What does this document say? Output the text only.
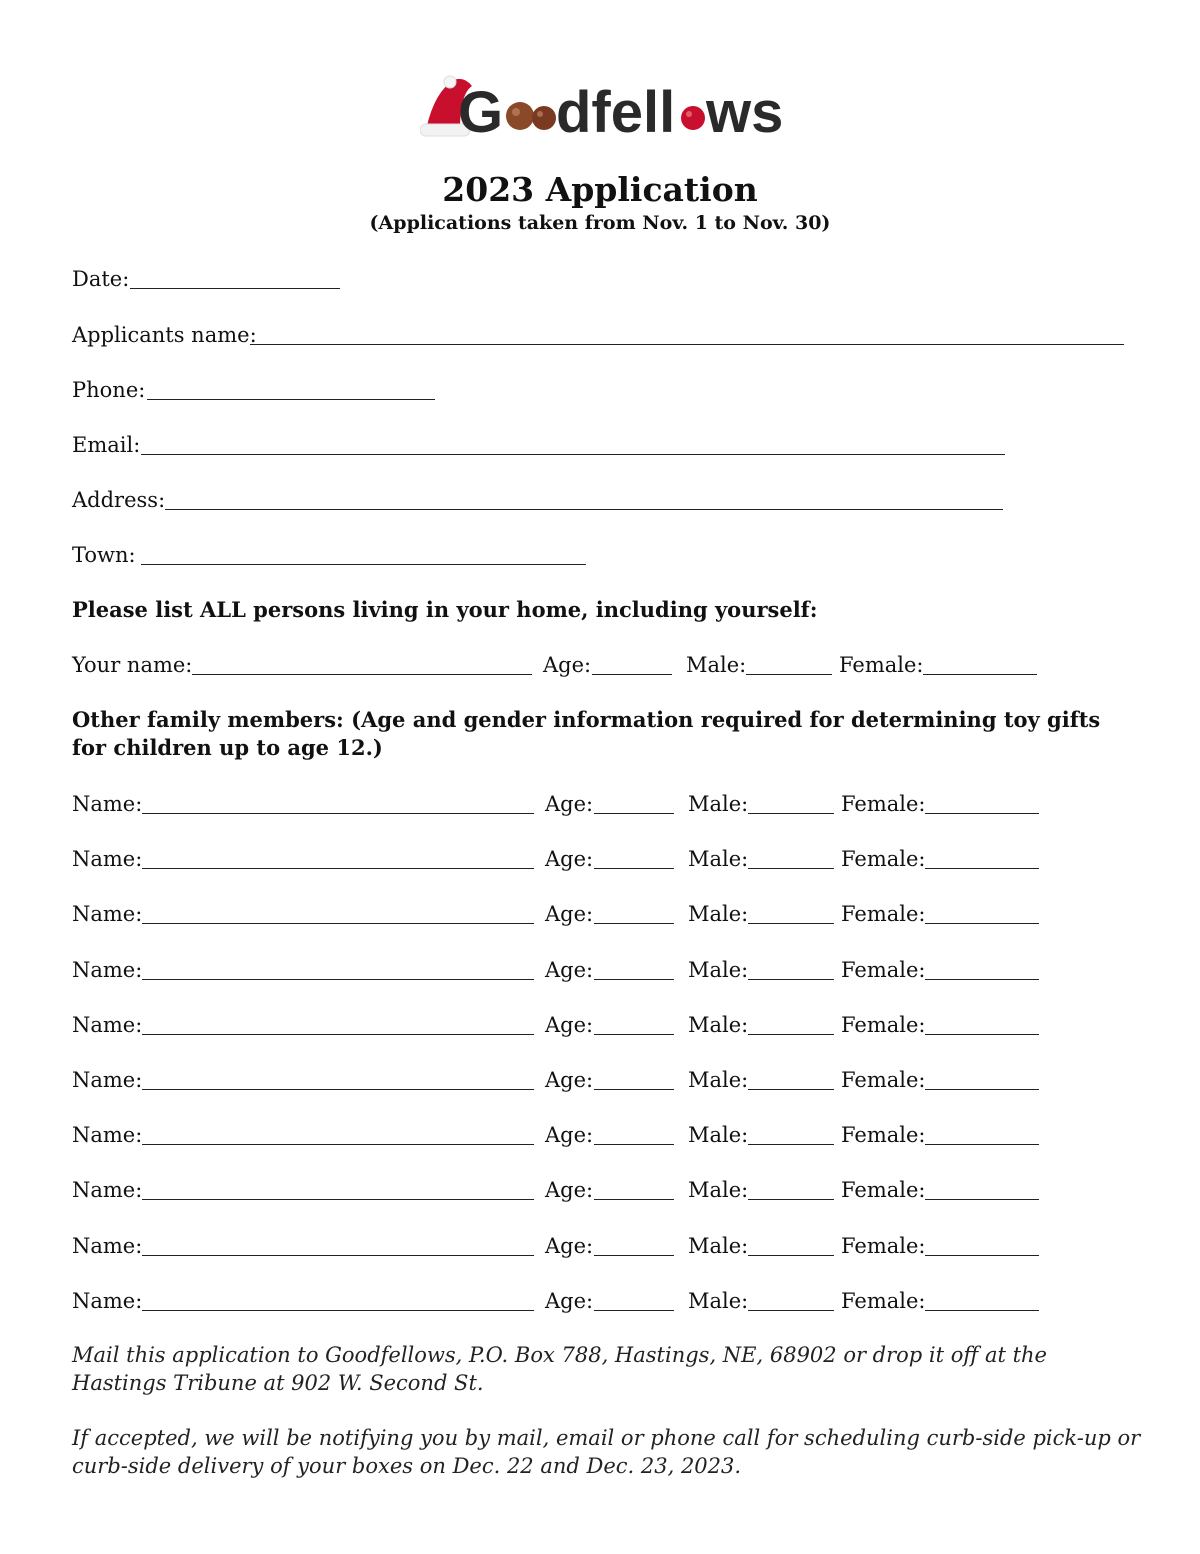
G dfell ws
2023 Application
(Applications taken from Nov. 1 to Nov. 30)
Date:
Applicants name:
Phone:
Email:
Address:
Town:
Please list ALL persons living in your home, including yourself:
Your name:	Age:	Male:	Female:
Other family members: (Age and gender information required for determining toy gifts for children up to age 12.)
Name:	Age:	Male:	Female:
Name:	Age:	Male:	Female:
Name:	Age:	Male:	Female:
Name:	Age:	Male:	Female:
Name:	Age:	Male:	Female:
Name:	Age:	Male:	Female:
Name:	Age:	Male:	Female:
Name:	Age:	Male:	Female:
Name:	Age:	Male:	Female:
Name:	Age:	Male:	Female:
Mail this application to Goodfellows, P.O. Box 788, Hastings, NE, 68902 or drop it off at the Hastings Tribune at 902 W. Second St.
If accepted, we will be notifying you by mail, email or phone call for scheduling curb-side pick-up or curb-side delivery of your boxes on Dec. 22 and Dec. 23, 2023.
